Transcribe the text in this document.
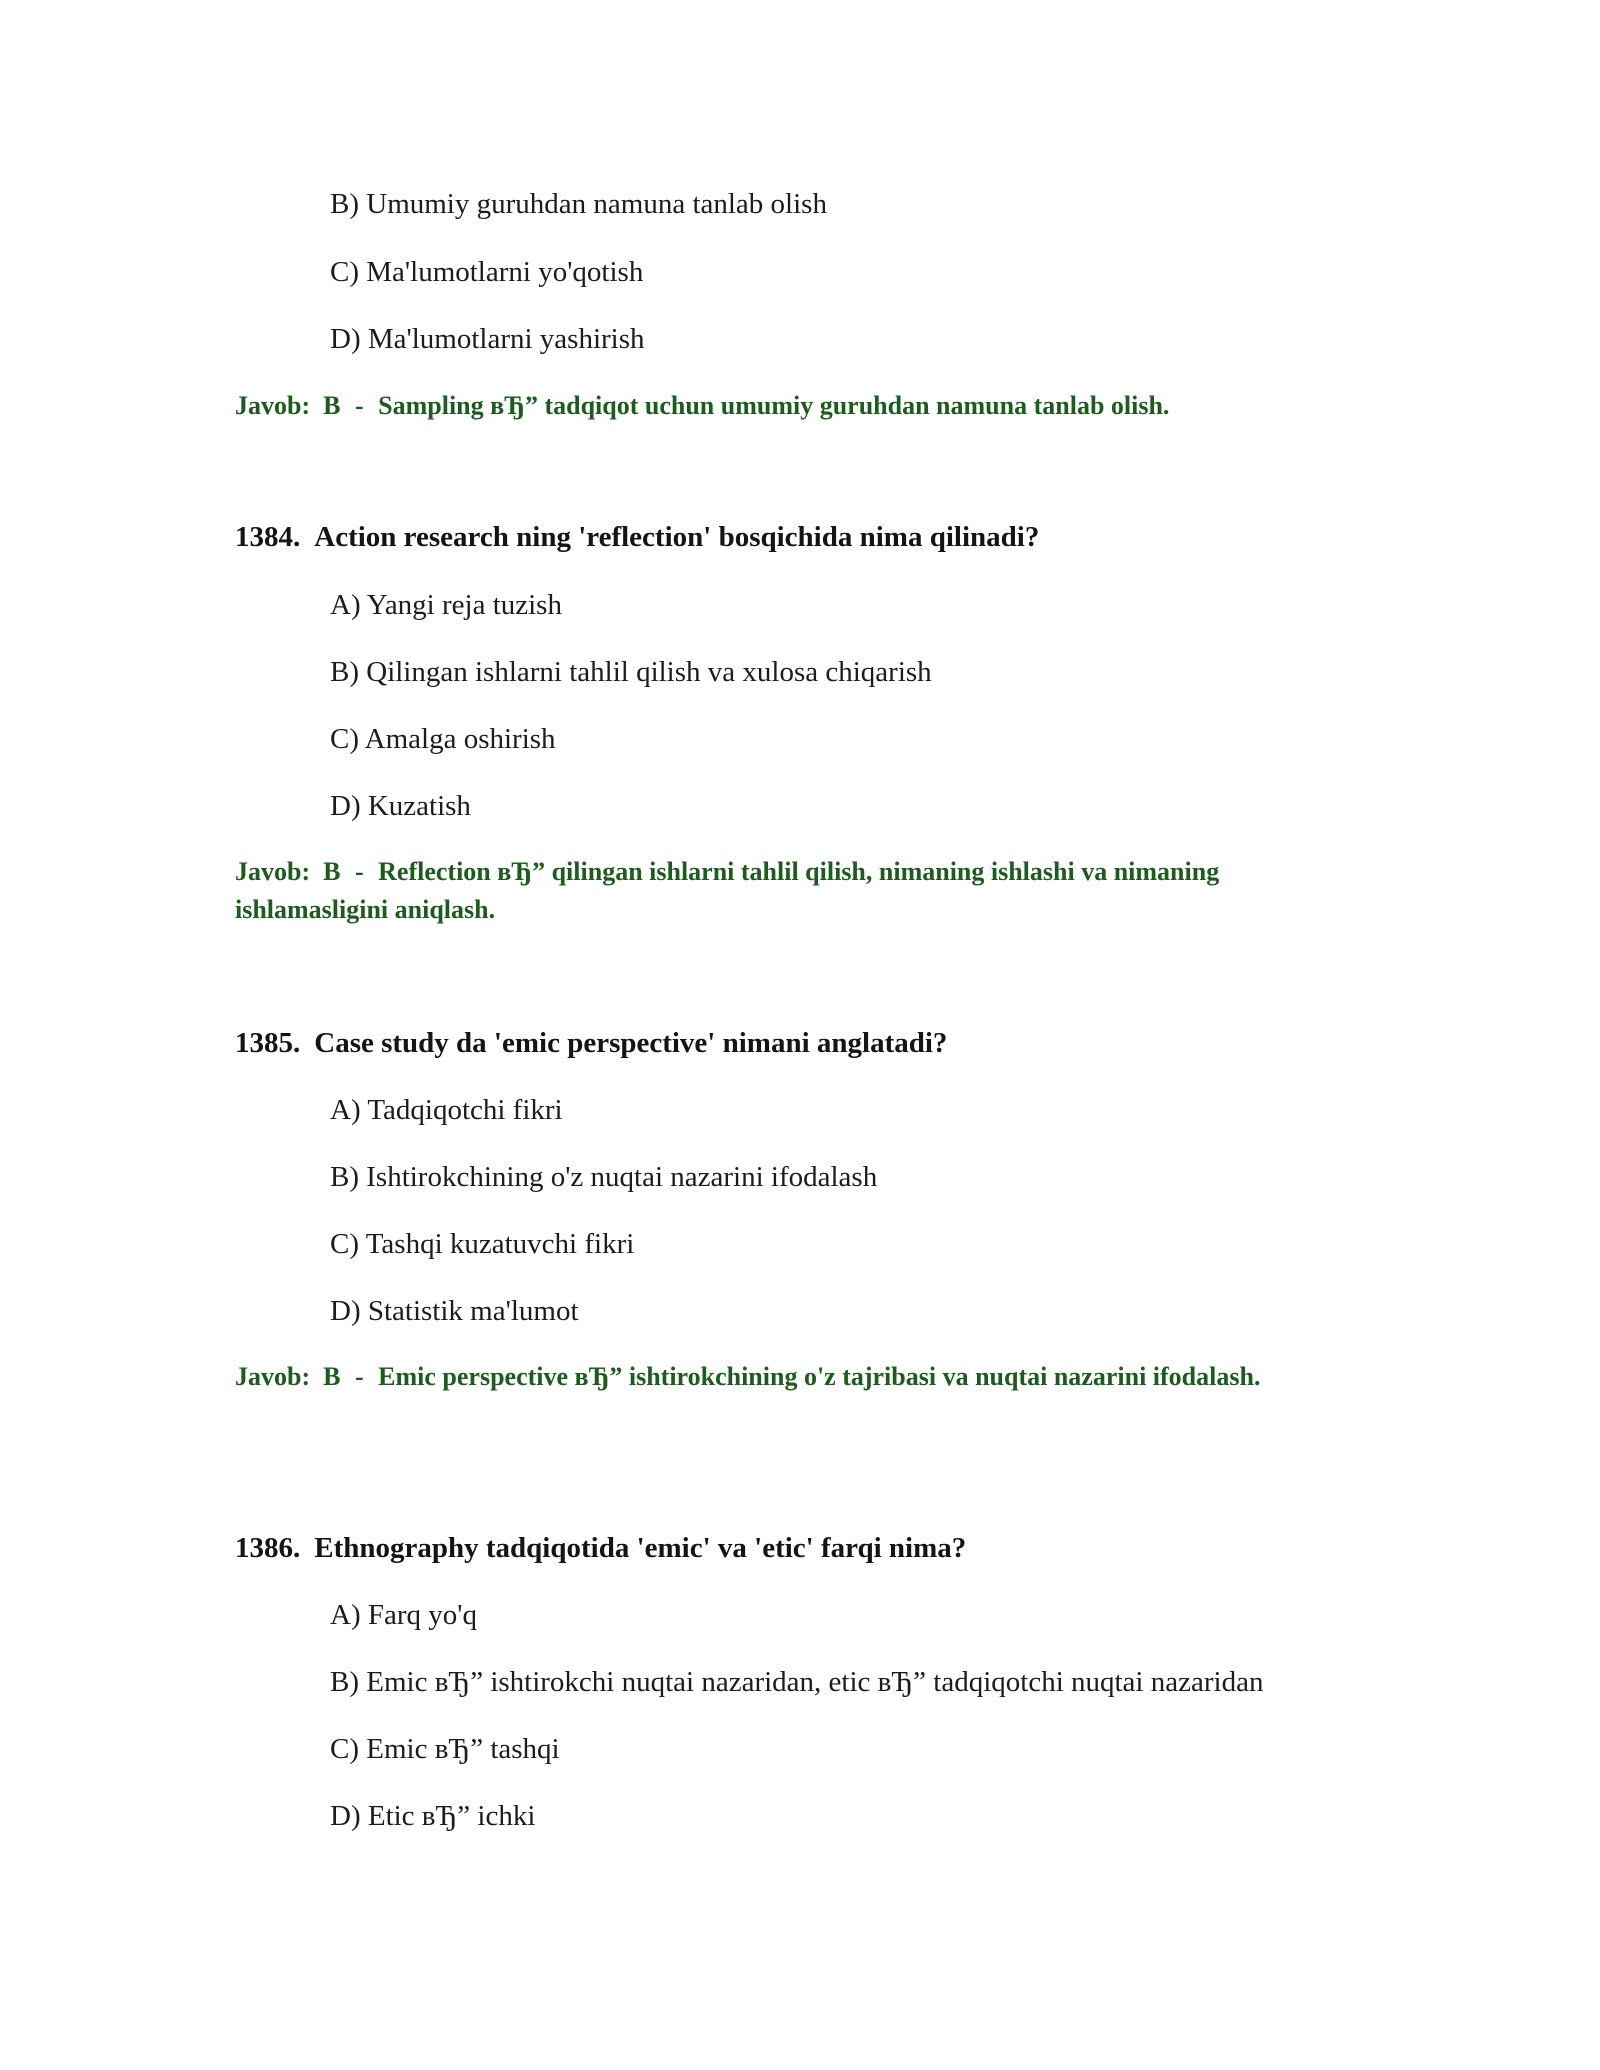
B) Umumiy guruhdan namuna tanlab olish
C) Ma'lumotlarni yo'qotish
D) Ma'lumotlarni yashirish
Javob: B - Sampling вЂ” tadqiqot uchun umumiy guruhdan namuna tanlab olish.
1384. Action research ning 'reflection' bosqichida nima qilinadi?
A) Yangi reja tuzish
B) Qilingan ishlarni tahlil qilish va xulosa chiqarish
C) Amalga oshirish
D) Kuzatish
Javob: B - Reflection вЂ” qilingan ishlarni tahlil qilish, nimaning ishlashi va nimaning ishlamasligini aniqlash.
1385. Case study da 'emic perspective' nimani anglatadi?
A) Tadqiqotchi fikri
B) Ishtirokchining o'z nuqtai nazarini ifodalash
C) Tashqi kuzatuvchi fikri
D) Statistik ma'lumot
Javob: B - Emic perspective вЂ” ishtirokchining o'z tajribasi va nuqtai nazarini ifodalash.
1386. Ethnography tadqiqotida 'emic' va 'etic' farqi nima?
A) Farq yo'q
B) Emic вЂ” ishtirokchi nuqtai nazaridan, etic вЂ” tadqiqotchi nuqtai nazaridan
C) Emic вЂ” tashqi
D) Etic вЂ” ichki
